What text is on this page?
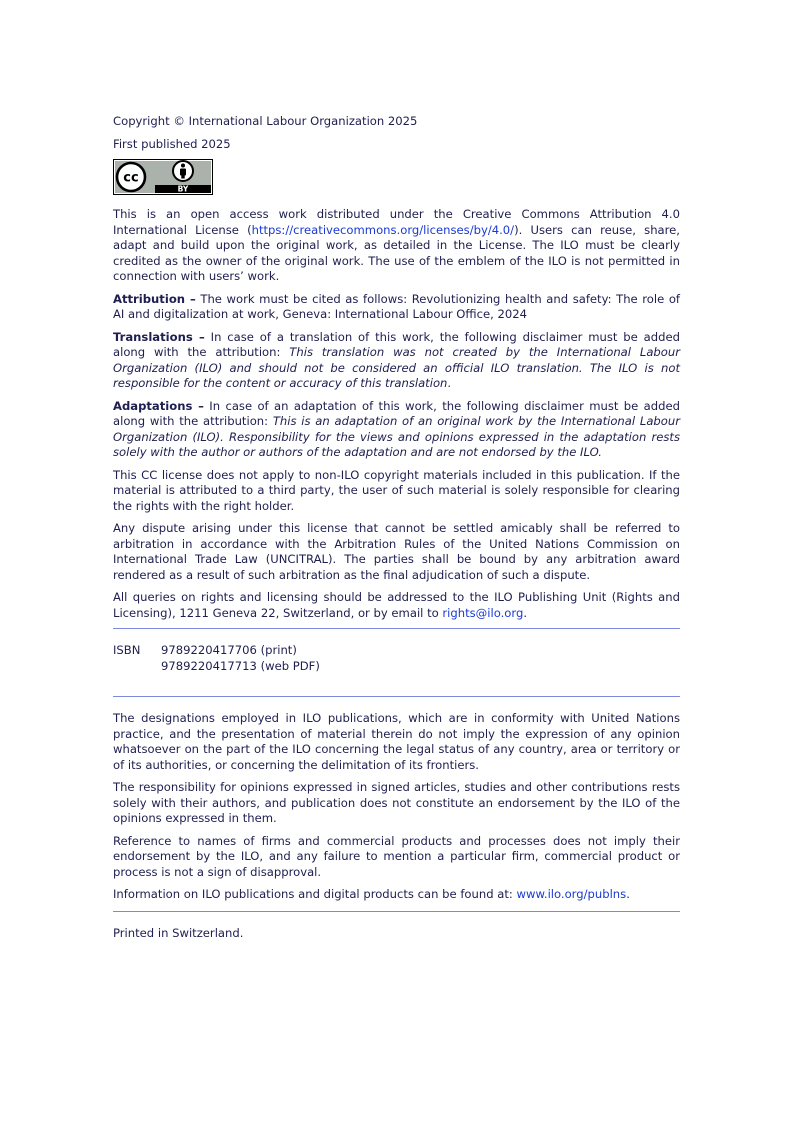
Copyright © International Labour Organization 2025

First published 2025

cc
BY

This is an open access work distributed under the Creative Commons Attribution 4.0 International License (https://creativecommons.org/licenses/by/4.0/). Users can reuse, share, adapt and build upon the original work, as detailed in the License. The ILO must be clearly credited as the owner of the original work. The use of the emblem of the ILO is not permitted in connection with users’ work.

Attribution – The work must be cited as follows: Revolutionizing health and safety: The role of AI and digitalization at work, Geneva: International Labour Office, 2024

Translations – In case of a translation of this work, the following disclaimer must be added along with the attribution: This translation was not created by the International Labour Organization (ILO) and should not be considered an official ILO translation. The ILO is not responsible for the content or accuracy of this translation.

Adaptations – In case of an adaptation of this work, the following disclaimer must be added along with the attribution: This is an adaptation of an original work by the International Labour Organization (ILO). Responsibility for the views and opinions expressed in the adaptation rests solely with the author or authors of the adaptation and are not endorsed by the ILO.

This CC license does not apply to non-ILO copyright materials included in this publication. If the material is attributed to a third party, the user of such material is solely responsible for clearing the rights with the right holder.

Any dispute arising under this license that cannot be settled amicably shall be referred to arbitration in accordance with the Arbitration Rules of the United Nations Commission on International Trade Law (UNCITRAL). The parties shall be bound by any arbitration award rendered as a result of such arbitration as the final adjudication of such a dispute.

All queries on rights and licensing should be addressed to the ILO Publishing Unit (Rights and Licensing), 1211 Geneva 22, Switzerland, or by email to rights@ilo.org.

ISBN	9789220417706 (print)
9789220417713 (web PDF)

The designations employed in ILO publications, which are in conformity with United Nations practice, and the presentation of material therein do not imply the expression of any opinion whatsoever on the part of the ILO concerning the legal status of any country, area or territory or of its authorities, or concerning the delimitation of its frontiers.

The responsibility for opinions expressed in signed articles, studies and other contributions rests solely with their authors, and publication does not constitute an endorsement by the ILO of the opinions expressed in them.

Reference to names of firms and commercial products and processes does not imply their endorsement by the ILO, and any failure to mention a particular firm, commercial product or process is not a sign of disapproval.

Information on ILO publications and digital products can be found at: www.ilo.org/publns.

Printed in Switzerland.
